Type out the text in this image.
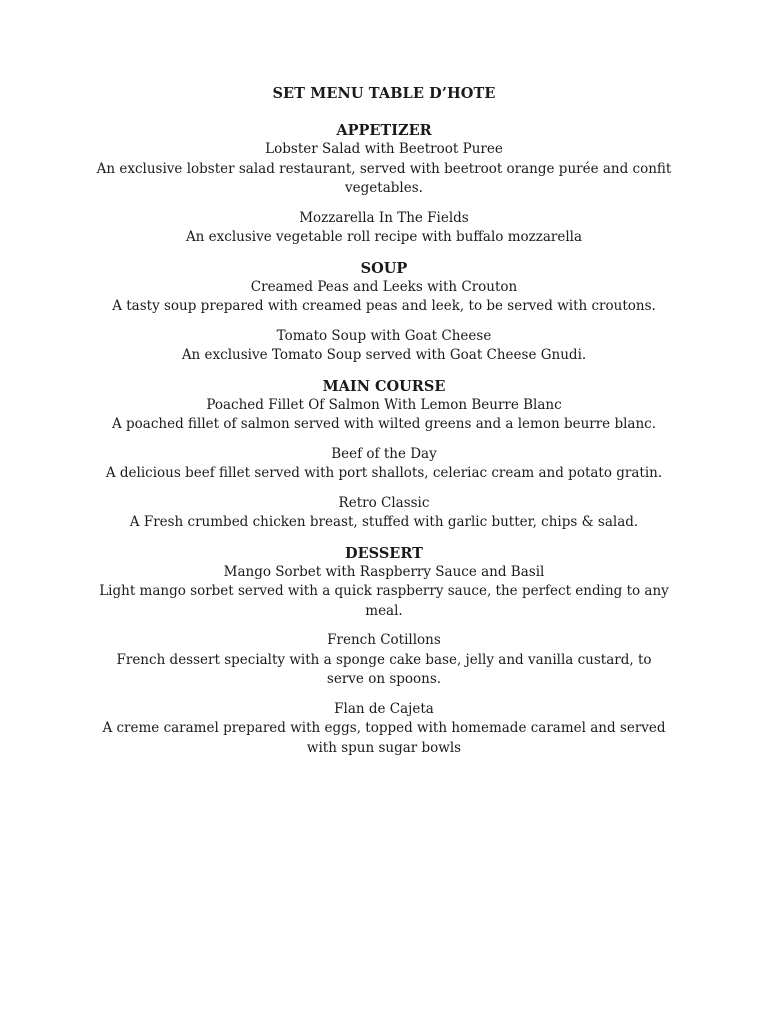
SET MENU TABLE D’HOTE
APPETIZER
Lobster Salad with Beetroot Puree
An exclusive lobster salad restaurant, served with beetroot orange purée and confit vegetables.
Mozzarella In The Fields
An exclusive vegetable roll recipe with buffalo mozzarella
SOUP
Creamed Peas and Leeks with Crouton
A tasty soup prepared with creamed peas and leek, to be served with croutons.
Tomato Soup with Goat Cheese
An exclusive Tomato Soup served with Goat Cheese Gnudi.
MAIN COURSE
Poached Fillet Of Salmon With Lemon Beurre Blanc
A poached fillet of salmon served with wilted greens and a lemon beurre blanc.
Beef of the Day
A delicious beef fillet served with port shallots, celeriac cream and potato gratin.
Retro Classic
A Fresh crumbed chicken breast, stuffed with garlic butter, chips & salad.
DESSERT
Mango Sorbet with Raspberry Sauce and Basil
Light mango sorbet served with a quick raspberry sauce, the perfect ending to any meal.
French Cotillons
French dessert specialty with a sponge cake base, jelly and vanilla custard, to serve on spoons.
Flan de Cajeta
A creme caramel prepared with eggs, topped with homemade caramel and served with spun sugar bowls
